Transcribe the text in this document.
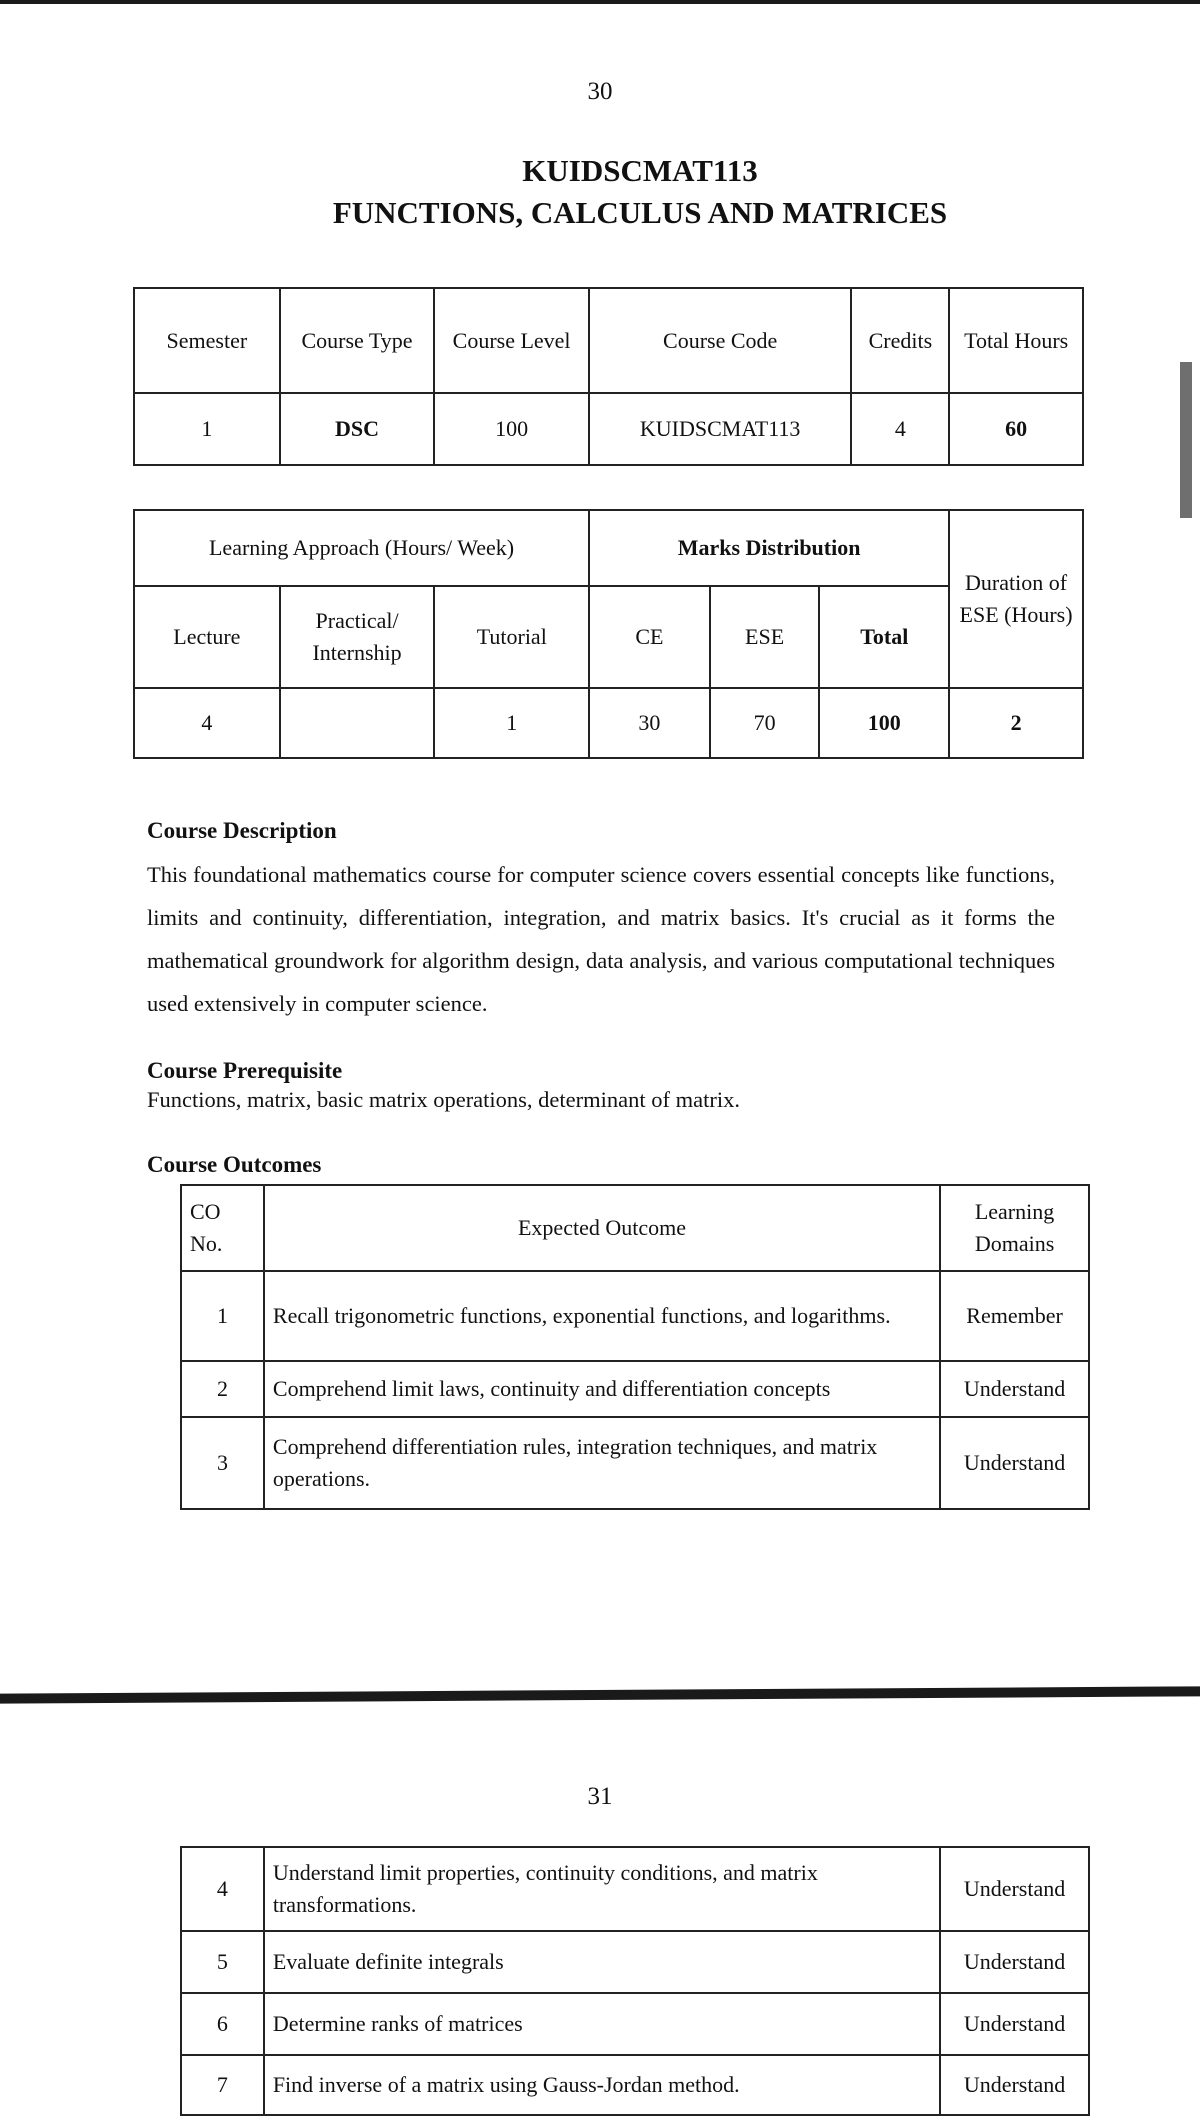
30
KUIDSCMAT113
FUNCTIONS, CALCULUS AND MATRICES
Semester	Course Type	Course Level	Course Code	Credits	Total Hours
1	DSC	100	KUIDSCMAT113	4	60
Learning Approach (Hours/ Week)			Marks Distribution			Duration of ESE (Hours)
Lecture	Practical/ Internship	Tutorial	CE	ESE	Total	
4		1	30	70	100	2
Course Description
This foundational mathematics course for computer science covers essential concepts like functions, limits and continuity, differentiation, integration, and matrix basics. It's crucial as it forms the mathematical groundwork for algorithm design, data analysis, and various computational techniques used extensively in computer science.
Course Prerequisite
Functions, matrix, basic matrix operations, determinant of matrix.
Course Outcomes
CO No.	Expected Outcome	Learning Domains
1	Recall trigonometric functions, exponential functions, and logarithms.	Remember
2	Comprehend limit laws, continuity and differentiation concepts	Understand
3	Comprehend differentiation rules, integration techniques, and matrix operations.	Understand
31
4	Understand limit properties, continuity conditions, and matrix transformations.	Understand
5	Evaluate definite integrals	Understand
6	Determine ranks of matrices	Understand
7	Find inverse of a matrix using Gauss-Jordan method.	Understand
